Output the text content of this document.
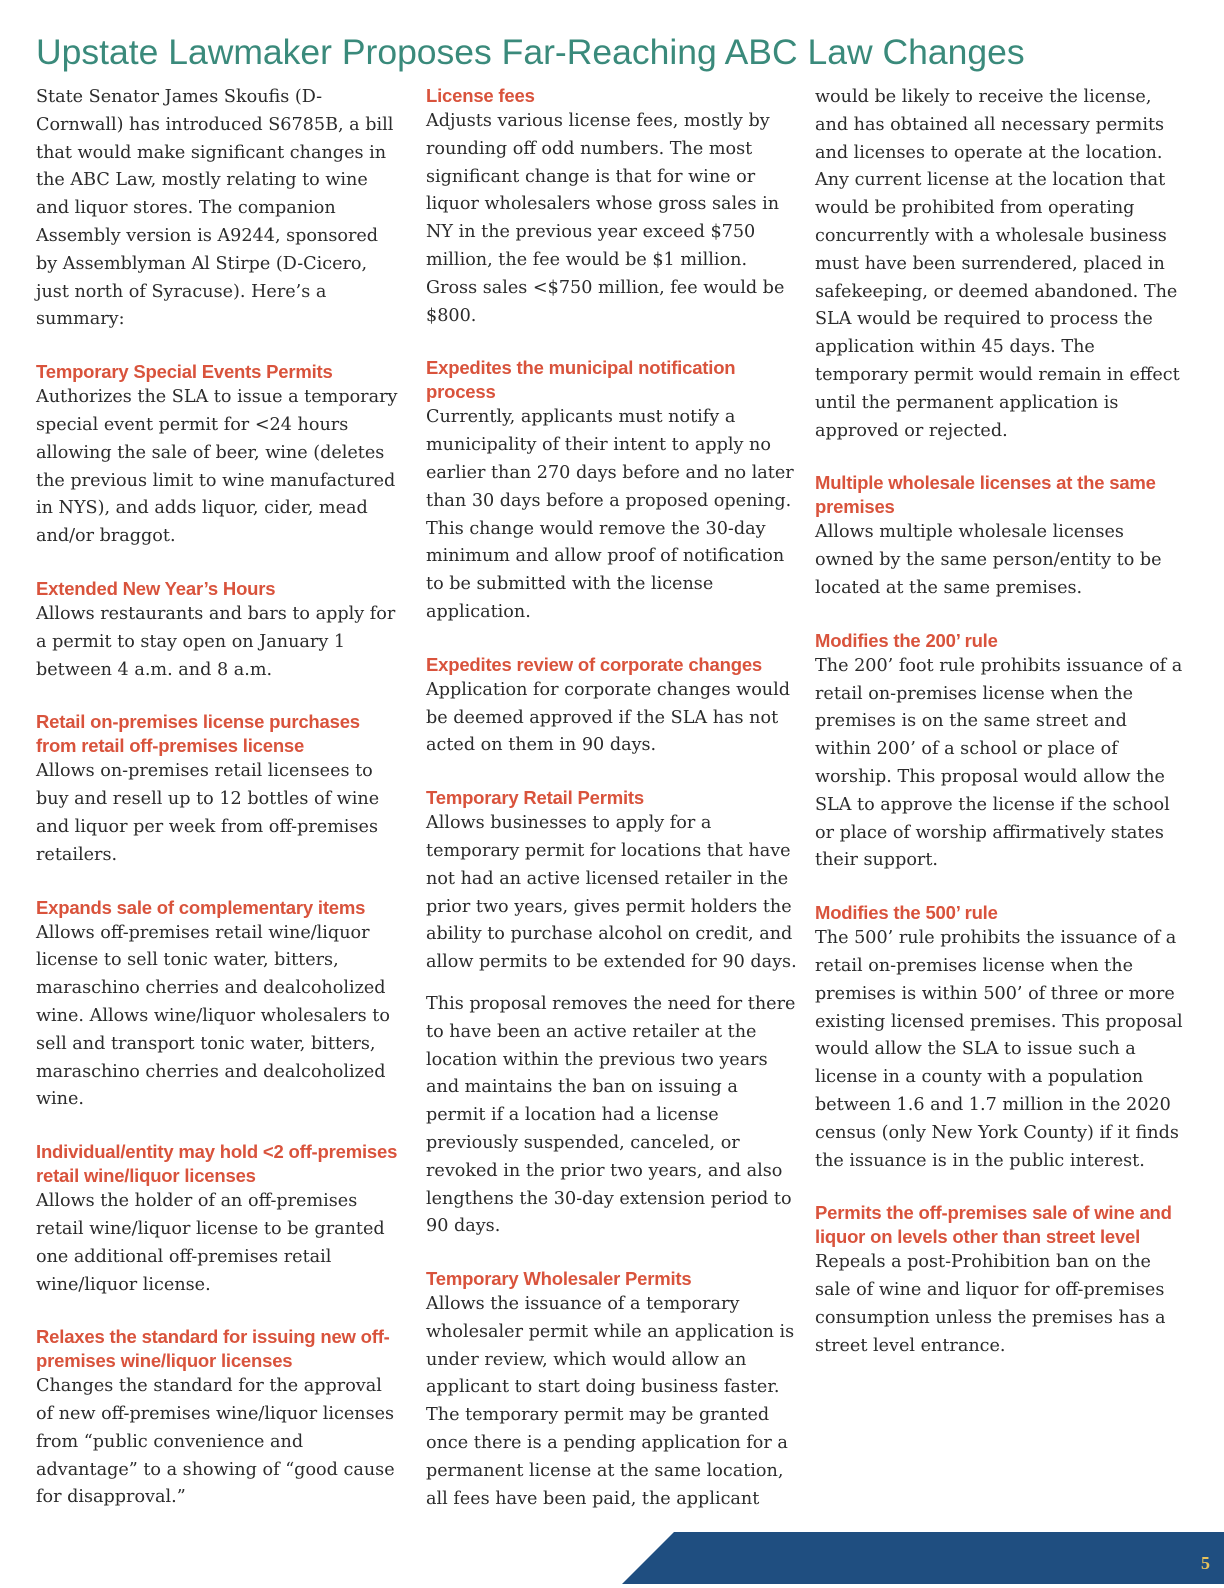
Upstate Lawmaker Proposes Far-Reaching ABC Law Changes

State Senator James Skoufis (D-Cornwall) has introduced S6785B, a bill that would make significant changes in the ABC Law, mostly relating to wine and liquor stores. The companion Assembly version is A9244, sponsored by Assemblyman Al Stirpe (D-Cicero, just north of Syracuse). Here’s a summary:

Temporary Special Events Permits

Authorizes the SLA to issue a temporary special event permit for <24 hours allowing the sale of beer, wine (deletes the previous limit to wine manufactured in NYS), and adds liquor, cider, mead and/or braggot.

Extended New Year’s Hours

Allows restaurants and bars to apply for a permit to stay open on January 1 between 4 a.m. and 8 a.m.

Retail on-premises license purchases from retail off-premises license

Allows on-premises retail licensees to buy and resell up to 12 bottles of wine and liquor per week from off-premises retailers.

Expands sale of complementary items

Allows off-premises retail wine/liquor license to sell tonic water, bitters, maraschino cherries and dealcoholized wine. Allows wine/liquor wholesalers to sell and transport tonic water, bitters, maraschino cherries and dealcoholized wine.

Individual/entity may hold <2 off-premises retail wine/liquor licenses

Allows the holder of an off-premises retail wine/liquor license to be granted one additional off-premises retail wine/liquor license.

Relaxes the standard for issuing new off-premises wine/liquor licenses

Changes the standard for the approval of new off-premises wine/liquor licenses from “public convenience and advantage” to a showing of “good cause for disapproval.”

License fees

Adjusts various license fees, mostly by rounding off odd numbers. The most significant change is that for wine or liquor wholesalers whose gross sales in NY in the previous year exceed $750 million, the fee would be $1 million. Gross sales <$750 million, fee would be $800.

Expedites the municipal notification process

Currently, applicants must notify a municipality of their intent to apply no earlier than 270 days before and no later than 30 days before a proposed opening. This change would remove the 30-day minimum and allow proof of notification to be submitted with the license application.

Expedites review of corporate changes

Application for corporate changes would be deemed approved if the SLA has not acted on them in 90 days.

Temporary Retail Permits

Allows businesses to apply for a temporary permit for locations that have not had an active licensed retailer in the prior two years, gives permit holders the ability to purchase alcohol on credit, and allow permits to be extended for 90 days.

This proposal removes the need for there to have been an active retailer at the location within the previous two years and maintains the ban on issuing a permit if a location had a license previously suspended, canceled, or revoked in the prior two years, and also lengthens the 30-day extension period to 90 days.

Temporary Wholesaler Permits

Allows the issuance of a temporary wholesaler permit while an application is under review, which would allow an applicant to start doing business faster. The temporary permit may be granted once there is a pending application for a permanent license at the same location, all fees have been paid, the applicant

would be likely to receive the license, and has obtained all necessary permits and licenses to operate at the location. Any current license at the location that would be prohibited from operating concurrently with a wholesale business must have been surrendered, placed in safekeeping, or deemed abandoned. The SLA would be required to process the application within 45 days. The temporary permit would remain in effect until the permanent application is approved or rejected.

Multiple wholesale licenses at the same premises

Allows multiple wholesale licenses owned by the same person/entity to be located at the same premises.

Modifies the 200’ rule

The 200’ foot rule prohibits issuance of a retail on-premises license when the premises is on the same street and within 200’ of a school or place of worship. This proposal would allow the SLA to approve the license if the school or place of worship affirmatively states their support.

Modifies the 500’ rule

The 500’ rule prohibits the issuance of a retail on-premises license when the premises is within 500’ of three or more existing licensed premises. This proposal would allow the SLA to issue such a license in a county with a population between 1.6 and 1.7 million in the 2020 census (only New York County) if it finds the issuance is in the public interest.

Permits the off-premises sale of wine and liquor on levels other than street level

Repeals a post-Prohibition ban on the sale of wine and liquor for off-premises consumption unless the premises has a street level entrance.

5
